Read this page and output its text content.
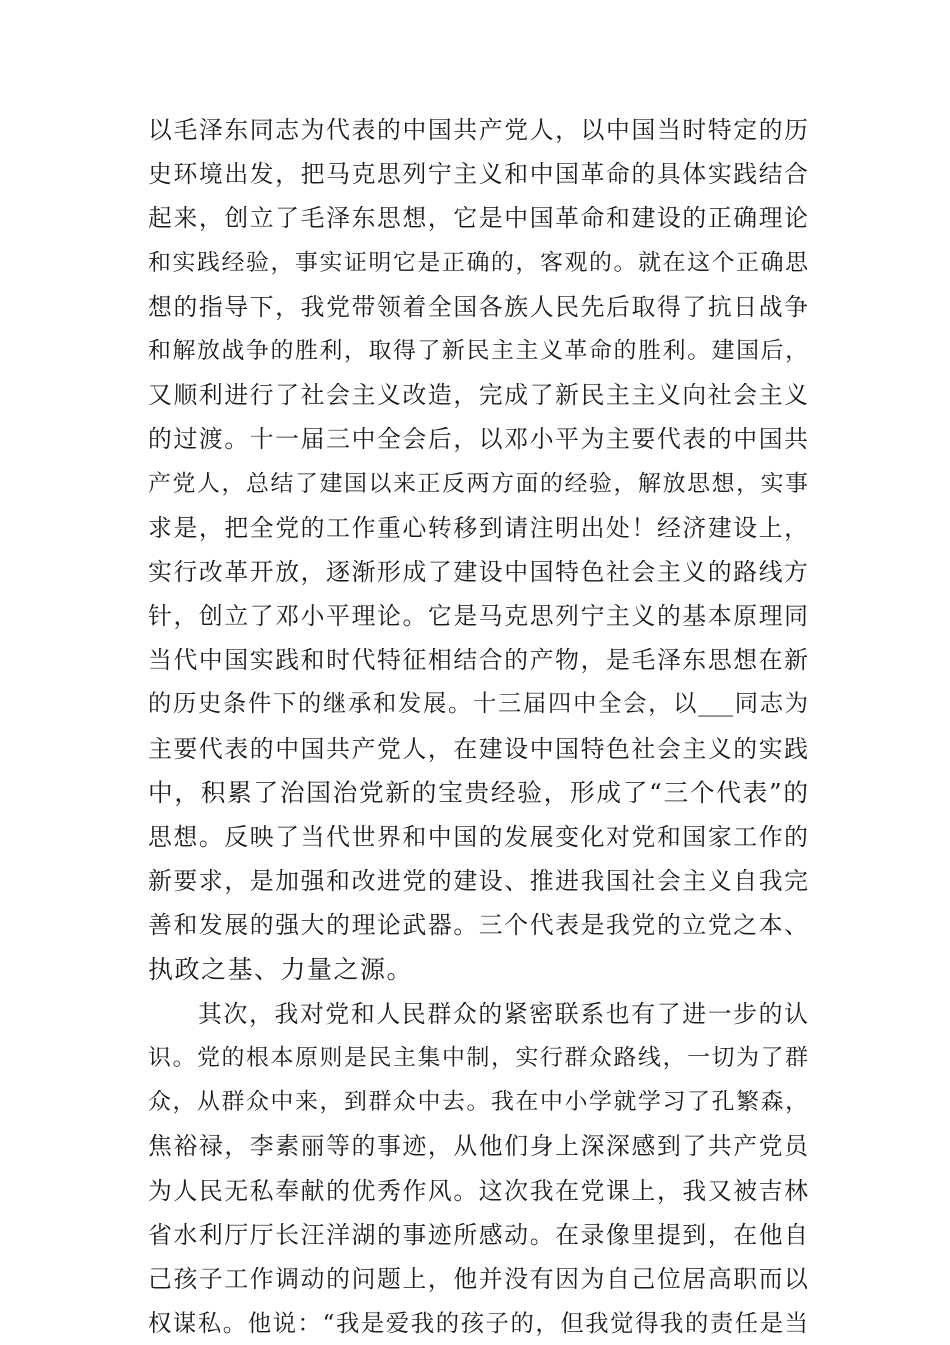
以毛泽东同志为代表的中国共产党人，以中国当时特定的历
史环境出发，把马克思列宁主义和中国革命的具体实践结合
起来，创立了毛泽东思想，它是中国革命和建设的正确理论
和实践经验，事实证明它是正确的，客观的。就在这个正确思
想的指导下，我党带领着全国各族人民先后取得了抗日战争
和解放战争的胜利，取得了新民主主义革命的胜利。建国后，
又顺利进行了社会主义改造，完成了新民主主义向社会主义
的过渡。十一届三中全会后，以邓小平为主要代表的中国共
产党人，总结了建国以来正反两方面的经验，解放思想，实事
求是，把全党的工作重心转移到请注明出处！经济建设上，
实行改革开放，逐渐形成了建设中国特色社会主义的路线方
针，创立了邓小平理论。它是马克思列宁主义的基本原理同
当代中国实践和时代特征相结合的产物，是毛泽东思想在新
的历史条件下的继承和发展。十三届四中全会，以___同志为
主要代表的中国共产党人，在建设中国特色社会主义的实践
中，积累了治国治党新的宝贵经验，形成了“三个代表”的
思想。反映了当代世界和中国的发展变化对党和国家工作的
新要求，是加强和改进党的建设、推进我国社会主义自我完
善和发展的强大的理论武器。三个代表是我党的立党之本、
执政之基、力量之源。
其次，我对党和人民群众的紧密联系也有了进一步的认
识。党的根本原则是民主集中制，实行群众路线，一切为了群
众，从群众中来，到群众中去。我在中小学就学习了孔繁森，
焦裕禄，李素丽等的事迹，从他们身上深深感到了共产党员
为人民无私奉献的优秀作风。这次我在党课上，我又被吉林
省水利厅厅长汪洋湖的事迹所感动。在录像里提到，在他自
己孩子工作调动的问题上，他并没有因为自己位居高职而以
权谋私。他说：“我是爱我的孩子的，但我觉得我的责任是当
